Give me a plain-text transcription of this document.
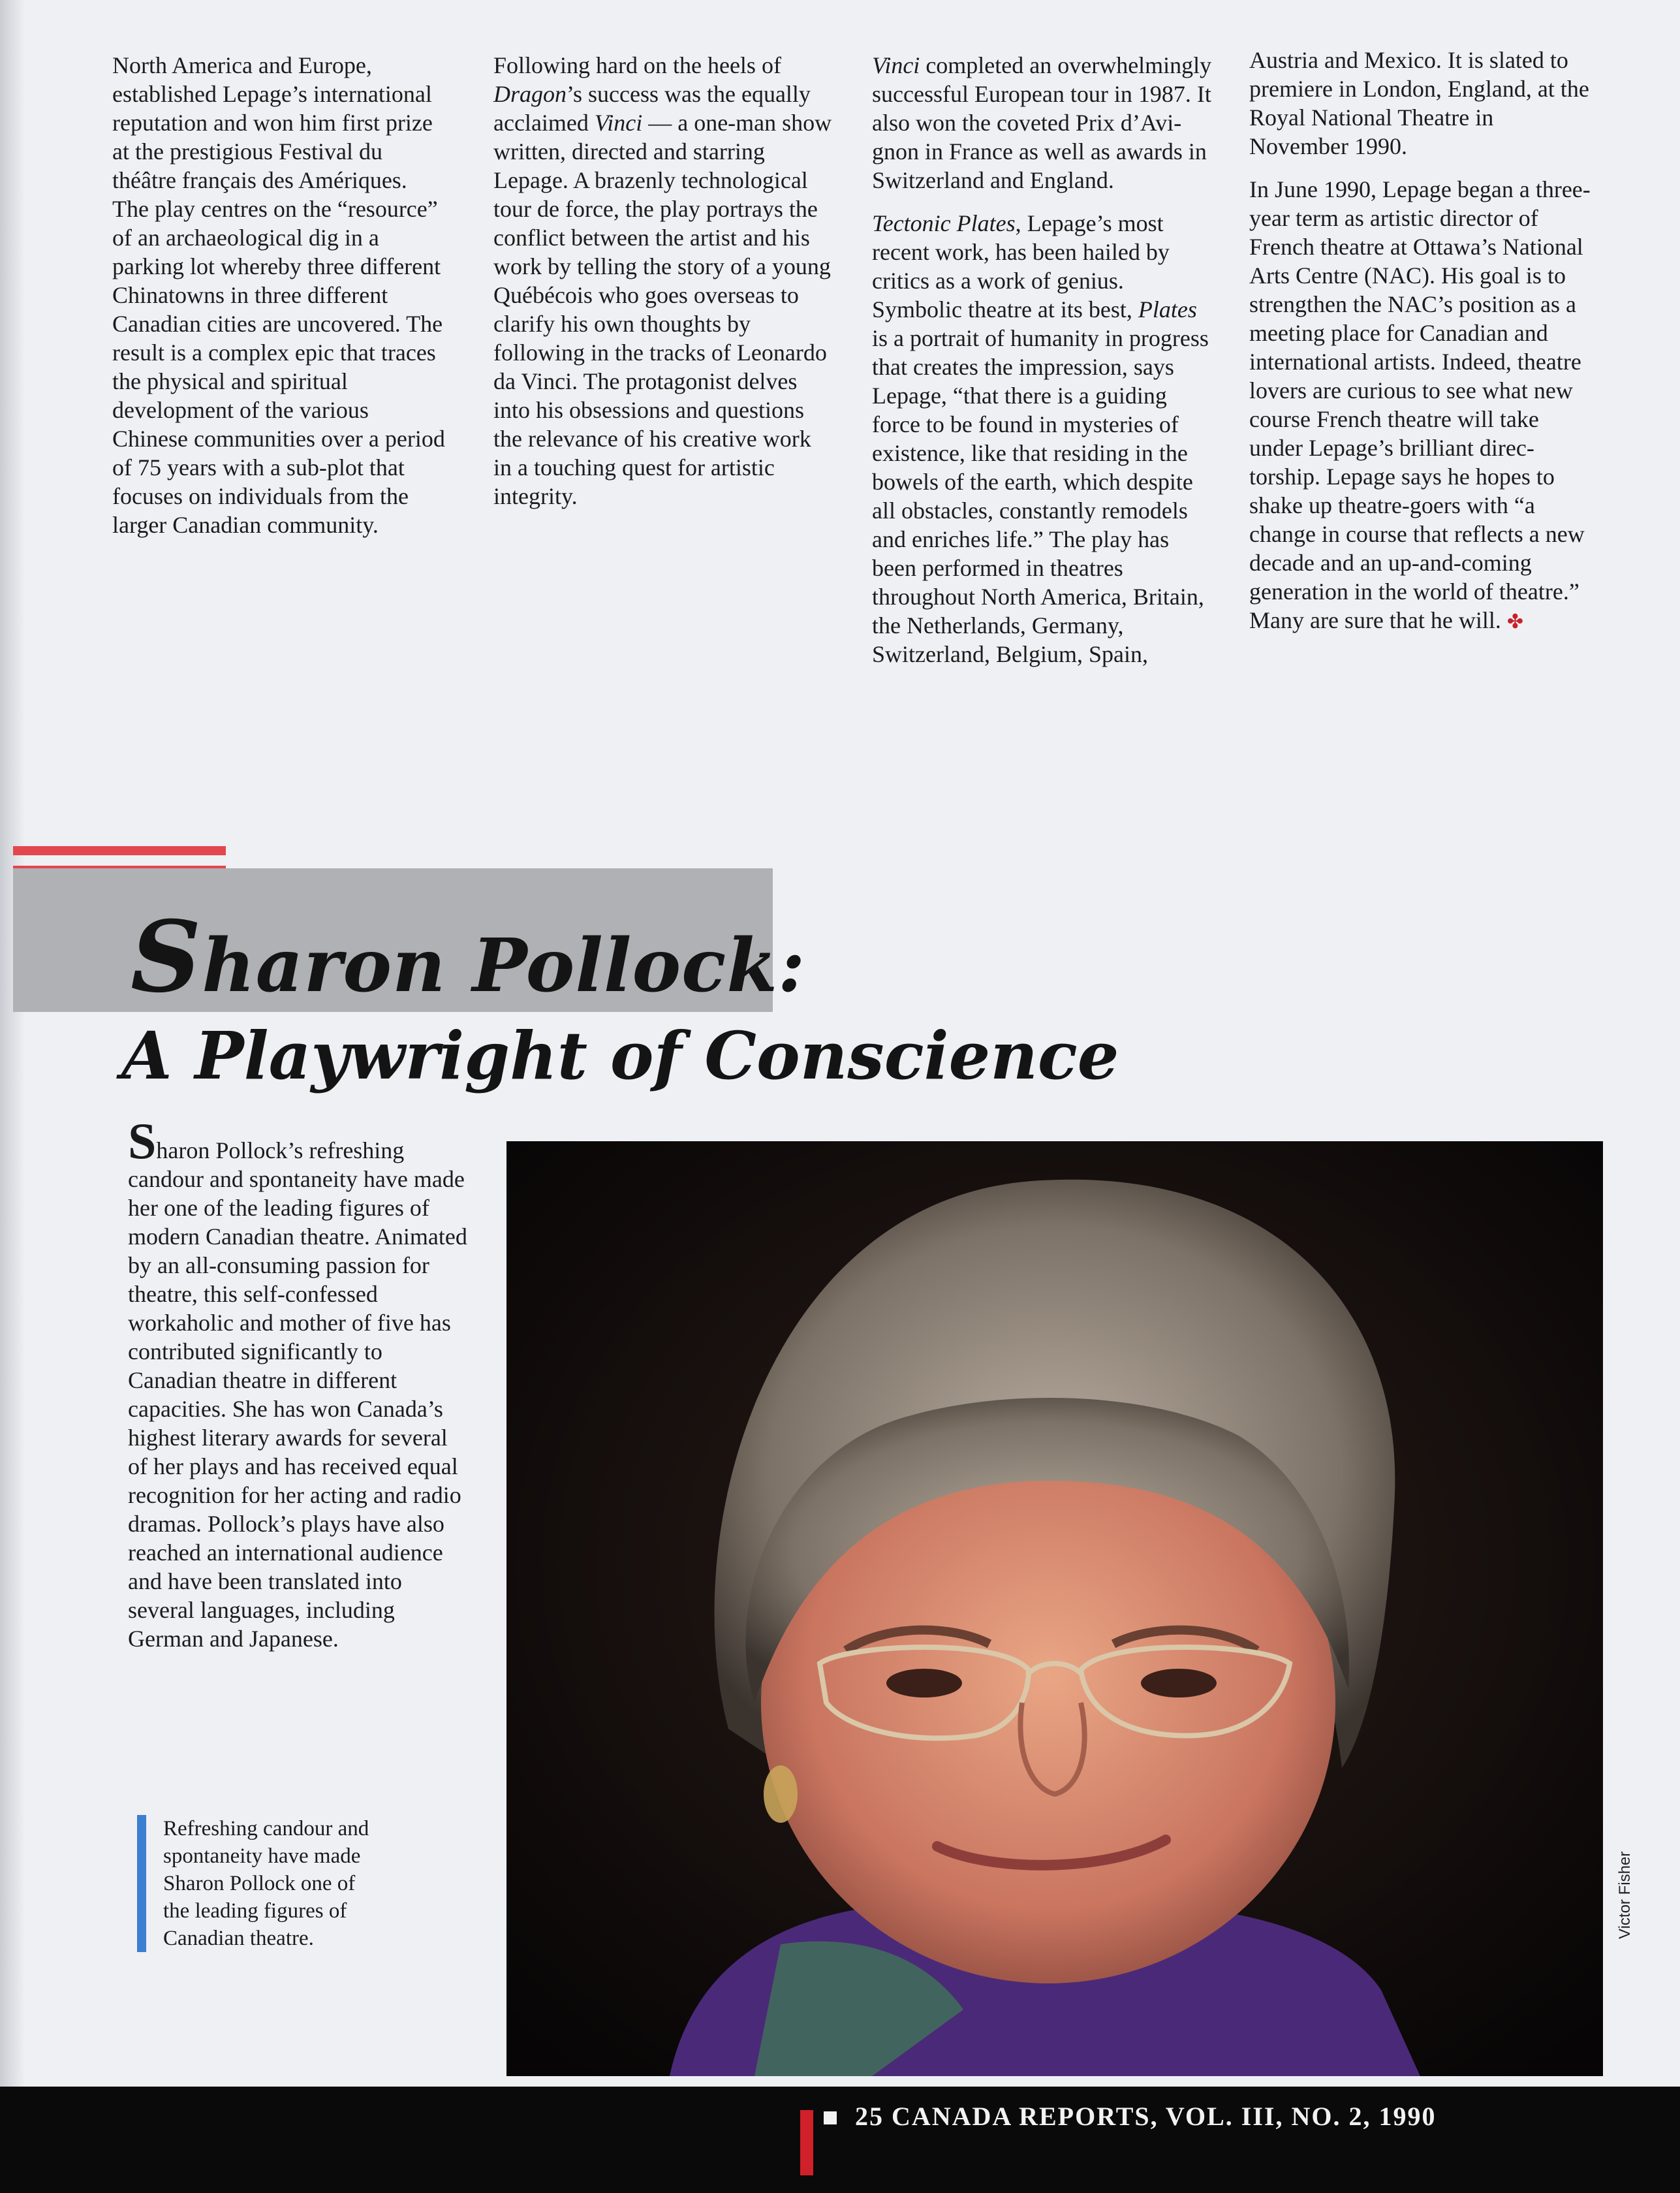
North America and Europe, established Lepage’s international reputation and won him first prize at the prestigious Festival du théâtre français des Amériques. The play centres on the “resource” of an archaeological dig in a parking lot whereby three different Chinatowns in three different Canadian cities are uncovered. The result is a complex epic that traces the physical and spiritual development of the various Chinese communities over a period of 75 years with a sub-plot that focuses on individuals from the larger Canadian community.

Following hard on the heels of Dragon’s success was the equally acclaimed Vinci — a one-man show written, directed and starring Lepage. A brazenly technological tour de force, the play portrays the conflict between the artist and his work by telling the story of a young Québécois who goes overseas to clarify his own thoughts by following in the tracks of Leonardo da Vinci. The protagonist delves into his obsessions and questions the relevance of his creative work in a touching quest for artistic integrity.

Vinci completed an overwhelmingly successful European tour in 1987. It also won the coveted Prix d’Avignon in France as well as awards in Switzerland and England.

Tectonic Plates, Lepage’s most recent work, has been hailed by critics as a work of genius. Symbolic theatre at its best, Plates is a portrait of humanity in progress that creates the impression, says Lepage, “that there is a guiding force to be found in mysteries of existence, like that residing in the bowels of the earth, which despite all obstacles, constantly remodels and enriches life.” The play has been performed in theatres throughout North America, Britain, the Netherlands, Germany, Switzerland, Belgium, Spain,

Austria and Mexico. It is slated to premiere in London, England, at the Royal National Theatre in November 1990.

In June 1990, Lepage began a three-year term as artistic director of French theatre at Ottawa’s National Arts Centre (NAC). His goal is to strengthen the NAC’s position as a meeting place for Canadian and international artists. Indeed, theatre lovers are curious to see what new course French theatre will take under Lepage’s brilliant directorship. Lepage says he hopes to shake up theatre-goers with “a change in course that reflects a new decade and an up-and-coming generation in the world of theatre.” Many are sure that he will. ✤

Sharon Pollock:
A Playwright of Conscience

Sharon Pollock’s refreshing candour and spontaneity have made her one of the leading figures of modern Canadian theatre. Animated by an all-consuming passion for theatre, this self-confessed workaholic and mother of five has contributed significantly to Canadian theatre in different capacities. She has won Canada’s highest literary awards for several of her plays and has received equal recognition for her acting and radio dramas. Pollock’s plays have also reached an international audience and have been translated into several languages, including German and Japanese.

Refreshing candour and spontaneity have made Sharon Pollock one of the leading figures of Canadian theatre.	Victor Fisher

25 CANADA REPORTS, VOL. III, NO. 2, 1990
